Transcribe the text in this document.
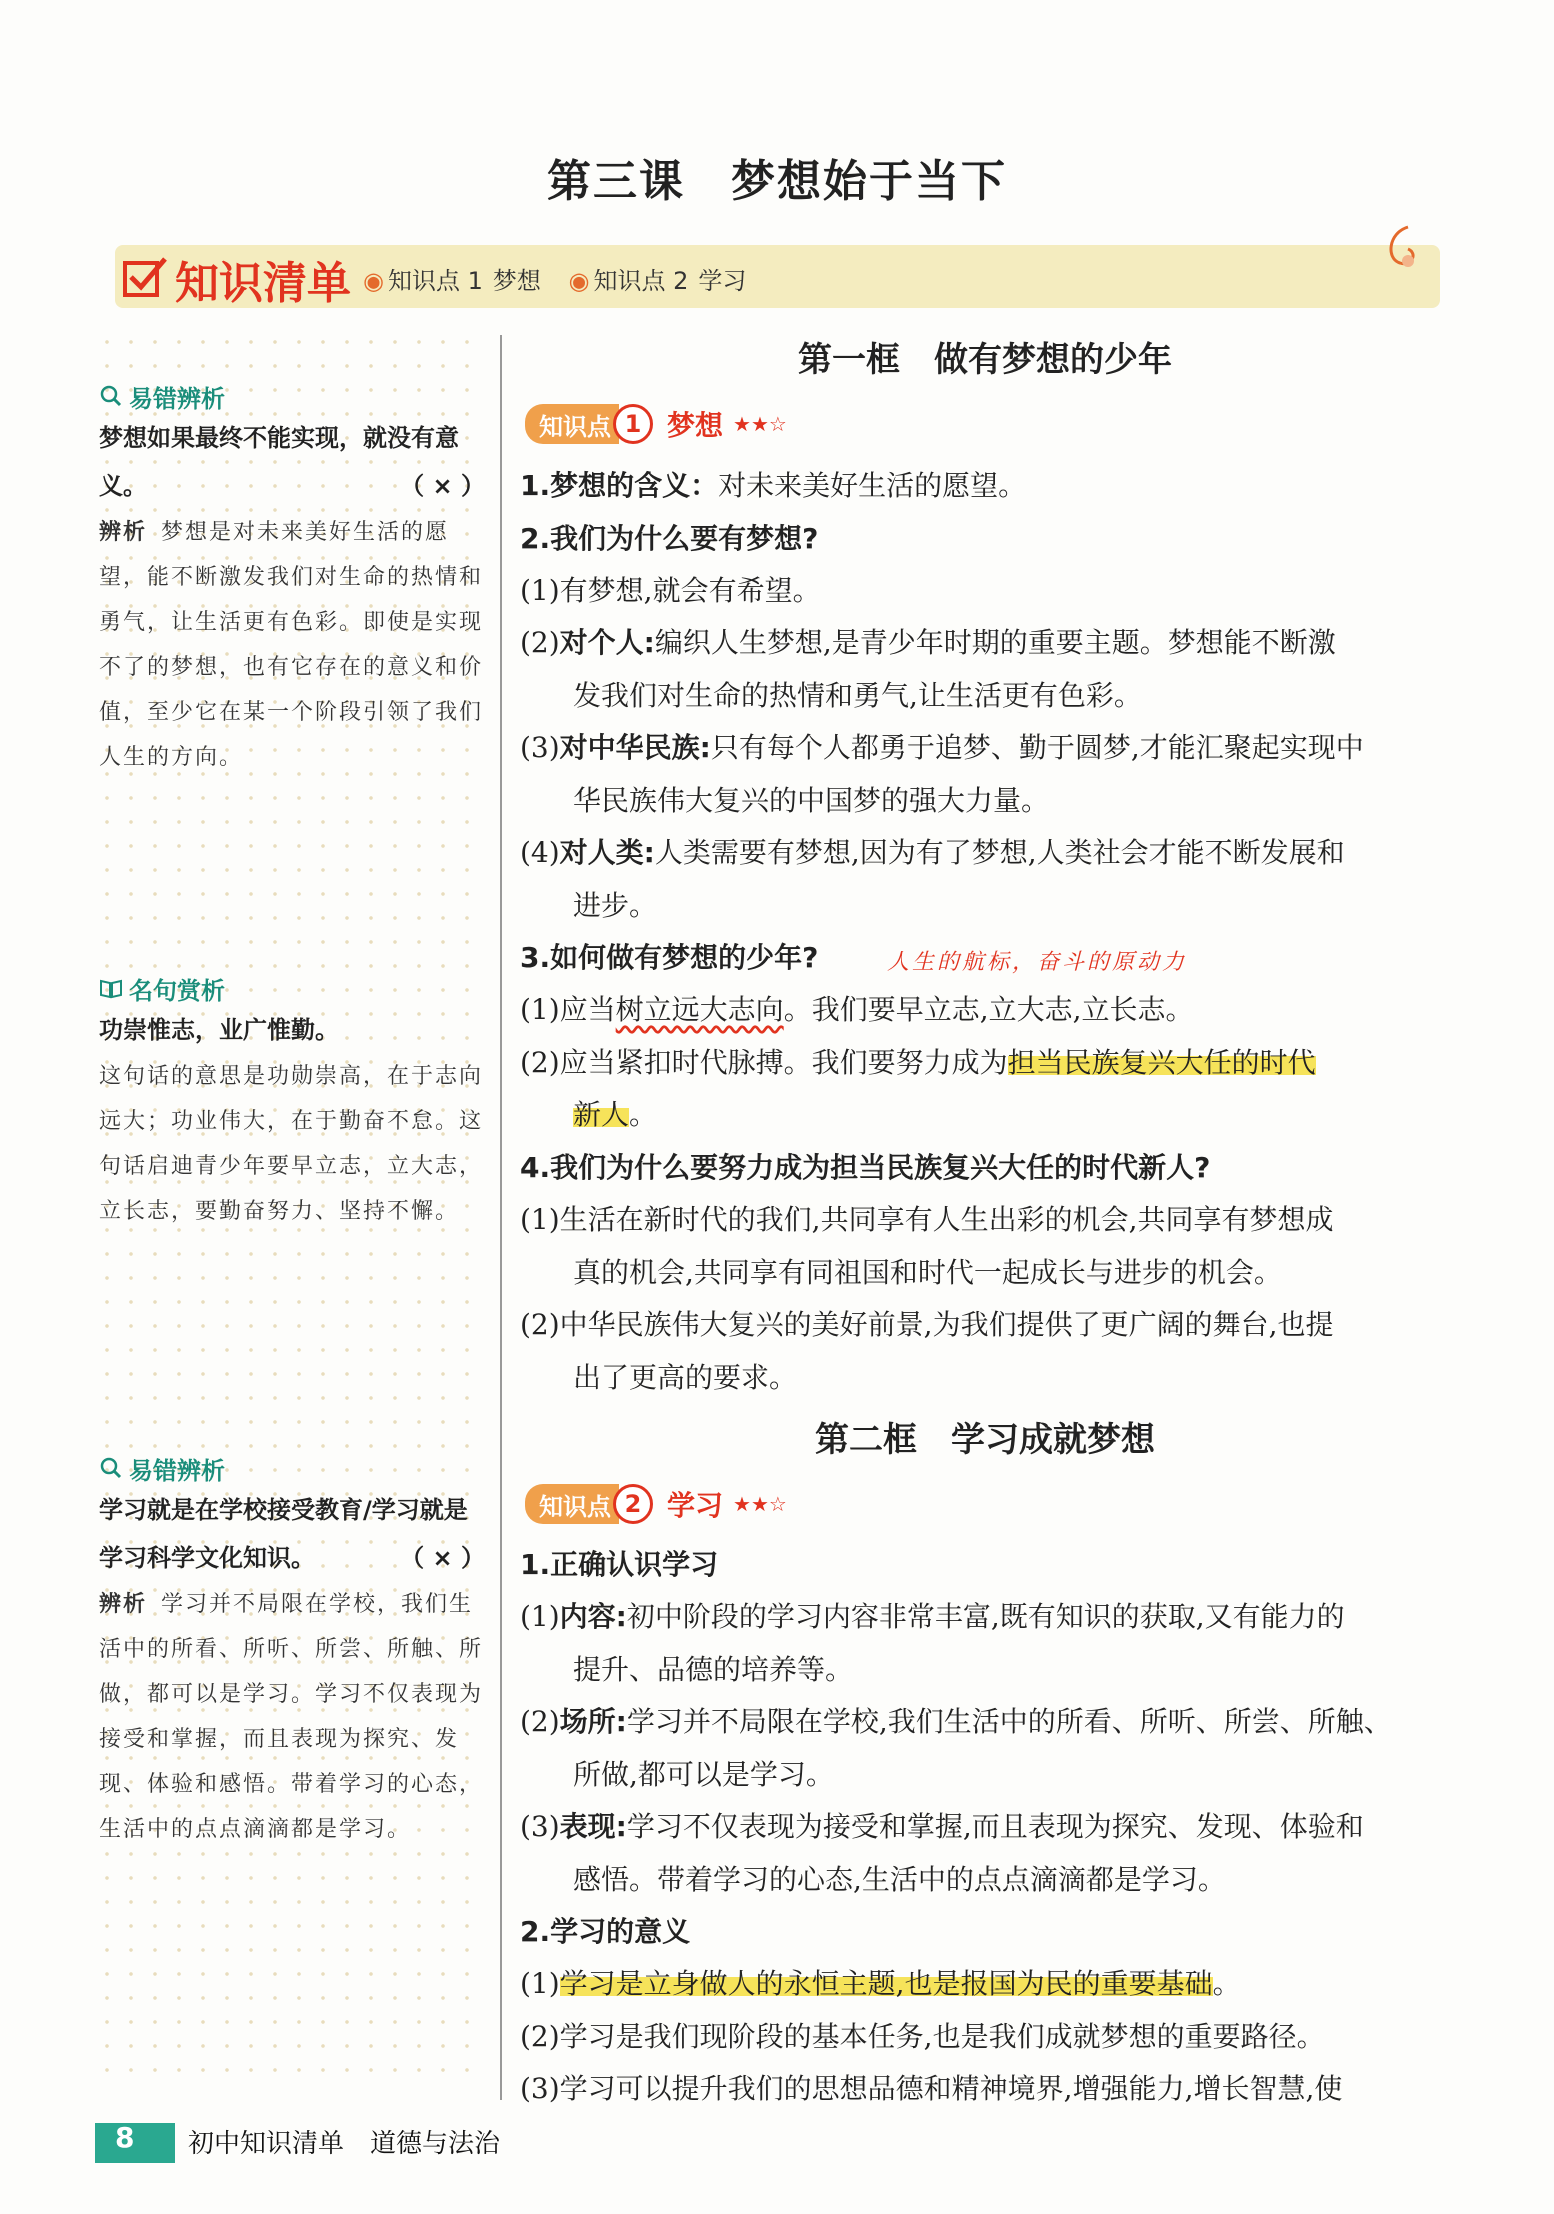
第三课　梦想始于当下
知识清单 ◉ 知识点 1 梦想 ◉ 知识点 2 学习
易错辨析
梦想如果最终不能实现，就没有意义。	（ × ）
辨析 梦想是对未来美好生活的愿望，能不断激发我们对生命的热情和勇气，让生活更有色彩。即使是实现不了的梦想，也有它存在的意义和价值，至少它在某一个阶段引领了我们人生的方向。
名句赏析
功崇惟志，业广惟勤。
这句话的意思是功勋崇高，在于志向远大；功业伟大，在于勤奋不怠。这句话启迪青少年要早立志，立大志，立长志，要勤奋努力、坚持不懈。
易错辨析
学习就是在学校接受教育/学习就是学习科学文化知识。	（ × ）
辨析 学习并不局限在学校，我们生活中的所看、所听、所尝、所触、所做，都可以是学习。学习不仅表现为接受和掌握，而且表现为探究、发现、体验和感悟。带着学习的心态，生活中的点点滴滴都是学习。
第一框　做有梦想的少年
知识点 1 梦想 ★★☆
1.梦想的含义：对未来美好生活的愿望。
2.我们为什么要有梦想?
(1)有梦想,就会有希望。
(2)对个人:编织人生梦想,是青少年时期的重要主题。梦想能不断激
发我们对生命的热情和勇气,让生活更有色彩。
(3)对中华民族:只有每个人都勇于追梦、勤于圆梦,才能汇聚起实现中
华民族伟大复兴的中国梦的强大力量。
(4)对人类:人类需要有梦想,因为有了梦想,人类社会才能不断发展和
进步。
3.如何做有梦想的少年?	人生的航标，奋斗的原动力
(1)应当树立远大志向。我们要早立志,立大志,立长志。
(2)应当紧扣时代脉搏。我们要努力成为担当民族复兴大任的时代
新人。
4.我们为什么要努力成为担当民族复兴大任的时代新人?
(1)生活在新时代的我们,共同享有人生出彩的机会,共同享有梦想成
真的机会,共同享有同祖国和时代一起成长与进步的机会。
(2)中华民族伟大复兴的美好前景,为我们提供了更广阔的舞台,也提
出了更高的要求。
第二框　学习成就梦想
知识点 2 学习 ★★☆
1.正确认识学习
(1)内容:初中阶段的学习内容非常丰富,既有知识的获取,又有能力的
提升、品德的培养等。
(2)场所:学习并不局限在学校,我们生活中的所看、所听、所尝、所触、
所做,都可以是学习。
(3)表现:学习不仅表现为接受和掌握,而且表现为探究、发现、体验和
感悟。带着学习的心态,生活中的点点滴滴都是学习。
2.学习的意义
(1)学习是立身做人的永恒主题,也是报国为民的重要基础。
(2)学习是我们现阶段的基本任务,也是我们成就梦想的重要路径。
(3)学习可以提升我们的思想品德和精神境界,增强能力,增长智慧,使
8 初中知识清单　道德与法治
